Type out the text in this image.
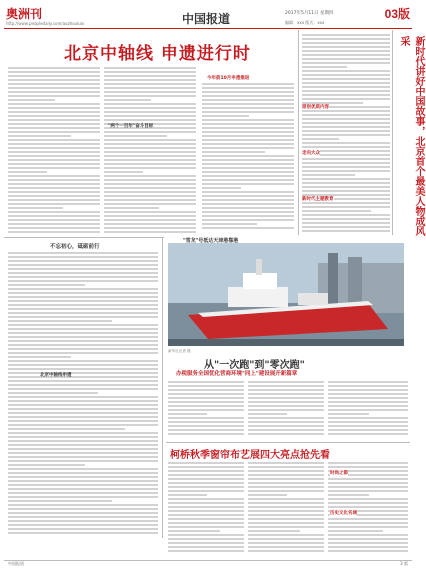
奥洲刊
http://www.peopledaily.com/aozhoukan	中国报道	2017年5月11日 星期四	03版
编辑：xxx 版式：xxx
北京中轴线 申遗进行时	新时代讲好中国故事，北京首个最美人物成风采
今年前10月申遗推进
"两个一百年"奋斗目标
不忘初心，砥砺前行
北京中轴线申遗
"雪龙"号抵达天津港靠港
新华社记者 摄
从"一次跑"到"零次跑"
办税服务全国优化营商环境"同上"建设展开新篇章
柯桥秋季窗帘布艺展四大亮点抢先看
中国报道	3 版
原创优质内容
走向大众
新时代主题教育
时尚之都
历史文化名城
